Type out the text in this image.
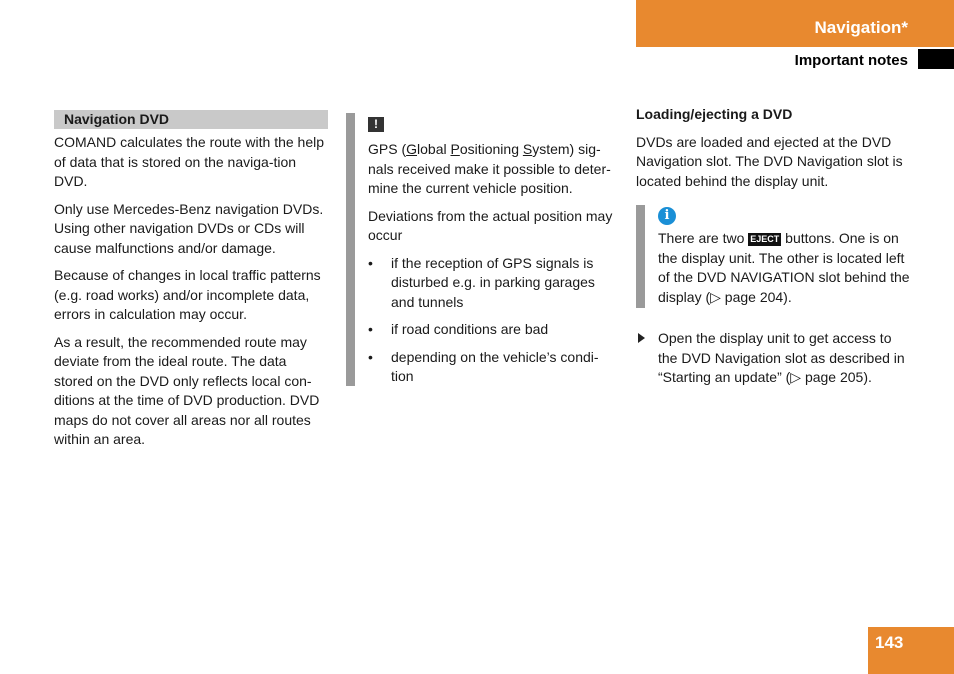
Navigation*
Important notes
Navigation DVD

COMAND calculates the route with the help of data that is stored on the naviga-tion DVD.

Only use Mercedes-Benz navigation DVDs. Using other navigation DVDs or CDs will cause malfunctions and/or damage.

Because of changes in local traffic patterns (e.g. road works) and/or incomplete data, errors in calculation may occur.

As a result, the recommended route may deviate from the ideal route. The data stored on the DVD only reflects local con-ditions at the time of DVD production. DVD maps do not cover all areas nor all routes within an area.

!

GPS (Global Positioning System) sig-nals received make it possible to deter-mine the current vehicle position.

Deviations from the actual position may occur

• if the reception of GPS signals is disturbed e.g. in parking garages and tunnels
• if road conditions are bad
• depending on the vehicle’s condi-tion
Loading/ejecting a DVD

DVDs are loaded and ejected at the DVD Navigation slot. The DVD Navigation slot is located behind the display unit.

i

There are two EJECT buttons. One is on the display unit. The other is located left of the DVD NAVIGATION slot behind the display (▷ page 204).

Open the display unit to get access to the DVD Navigation slot as described in “Starting an update” (▷ page 205).

143
